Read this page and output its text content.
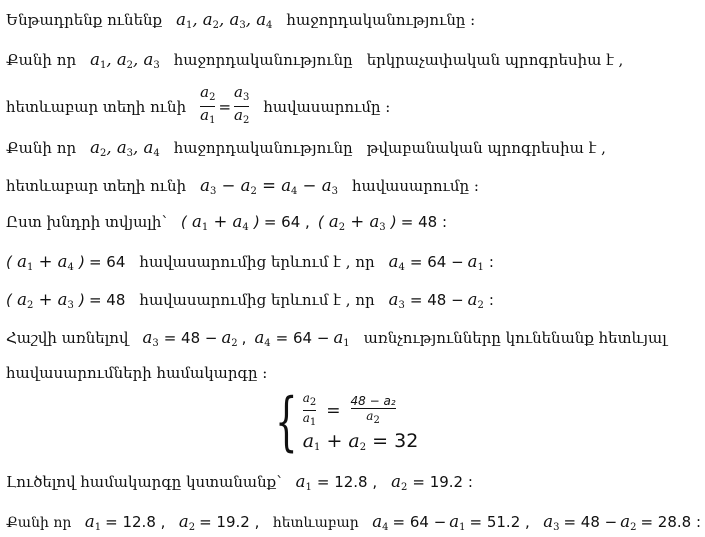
Ենթադրենք ունենք $a_1$, $a_2$, $a_3$, $a_4$ հաջորդականությունը :
Քանի որ $a_1$, $a_2$, $a_3$ հաջորդականությունը երկրաչափական պրոգրեսիա է ,
հետևաբար տեղի ունի $\frac{a_2}{a_1} = \frac{a_3}{a_2}$ հավասարումը :
Քանի որ $a_2$, $a_3$, $a_4$ հաջորդականությունը թվաբանական պրոգրեսիա է ,
հետևաբար տեղի ունի $a_3 - a_2 = a_4 - a_3$ հավասարումը :
Ըստ խնդրի տվյալի՝ ( $a_1 + a_4$ ) = 64 , ( $a_2 + a_3$ ) = 48 :
( $a_1 + a_4$ ) = 64 հավասարումից երևում է , որ $a_4 = 64 - a_1$ :
( $a_2 + a_3$ ) = 48 հավասարումից երևում է , որ $a_3 = 48 - a_2$ :
Հաշվի առնելով $a_3 = 48 - a_2$ , $a_4 = 64 - a_1$ առնչությունները կունենանք հետևյալ
հավասարումների համակարգը :
{ $\frac{a_2}{a_1} = \frac{\text{48 − a₂}}{a_2}$
$a_1 + a_2 = 32$
Լուծելով համակարգը կստանանք՝ $a_1 = 12.8$ , $a_2 = 19.2$ :
Քանի որ $a_1 = 12.8$ , $a_2 = 19.2$ , հետևաբար $a_4 = 64 - a_1 = 51.2$ , $a_3 = 48 - a_2 = 28.8$ :
